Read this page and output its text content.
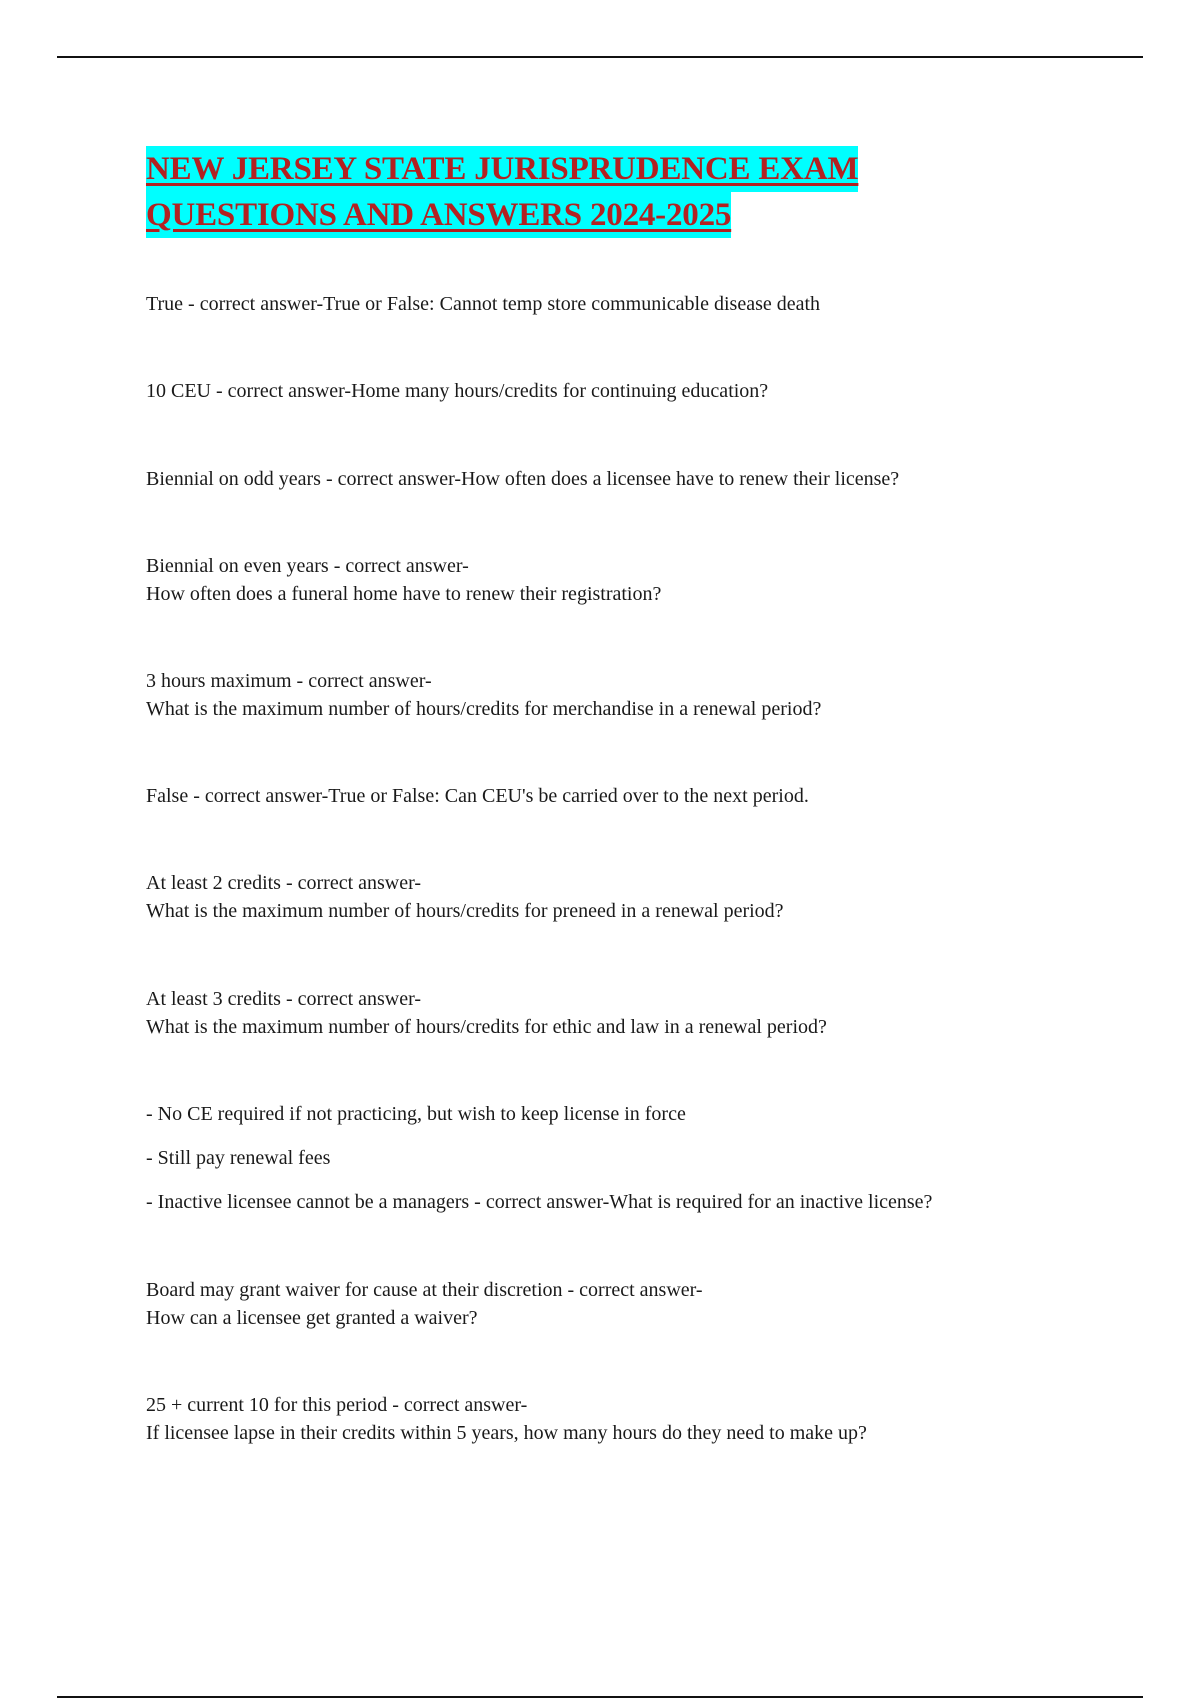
NEW JERSEY STATE JURISPRUDENCE EXAM
QUESTIONS AND ANSWERS 2024-2025
True - correct answer-True or False: Cannot temp store communicable disease death
10 CEU - correct answer-Home many hours/credits for continuing education?
Biennial on odd years - correct answer-How often does a licensee have to renew their license?
Biennial on even years - correct answer-
How often does a funeral home have to renew their registration?
3 hours maximum - correct answer-
What is the maximum number of hours/credits for merchandise in a renewal period?
False - correct answer-True or False: Can CEU's be carried over to the next period.
At least 2 credits - correct answer-
What is the maximum number of hours/credits for preneed in a renewal period?
At least 3 credits - correct answer-
What is the maximum number of hours/credits for ethic and law in a renewal period?
- No CE required if not practicing, but wish to keep license in force
- Still pay renewal fees
- Inactive licensee cannot be a managers - correct answer-What is required for an inactive license?
Board may grant waiver for cause at their discretion - correct answer-
How can a licensee get granted a waiver?
25 + current 10 for this period - correct answer-
If licensee lapse in their credits within 5 years, how many hours do they need to make up?
